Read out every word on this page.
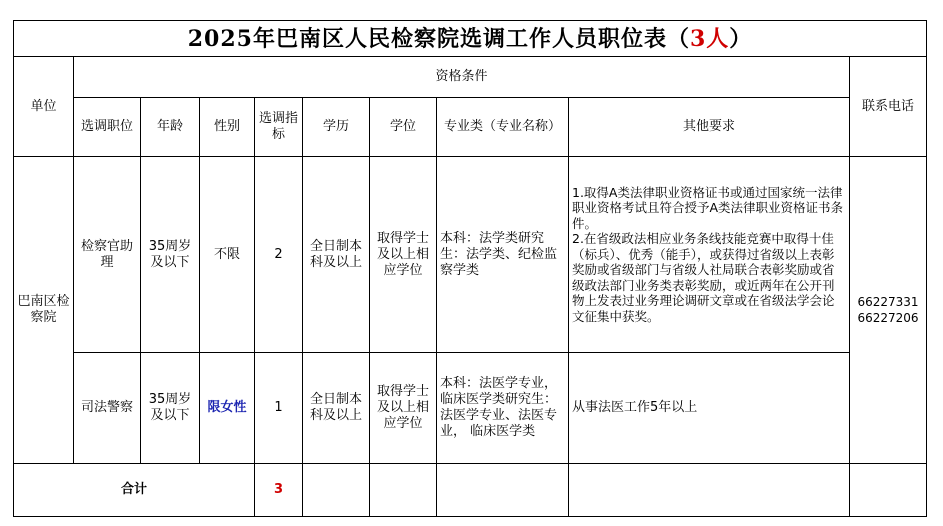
2025年巴南区人民检察院选调工作人员职位表（3人）									
单位	资格条件								联系电话
	选调职位	年龄	性别	选调指标	学历	学位	专业类（专业名称）	其他要求	
巴南区检察院	检察官助理	35周岁及以下	不限	2	全日制本科及以上	取得学士及以上相应学位	本科：法学类研究生：法学类、纪检监察学类	1.取得A类法律职业资格证书或通过国家统一法律职业资格考试且符合授予A类法律职业资格证书条件。
2.在省级政法相应业务条线技能竞赛中取得十佳（标兵）、优秀（能手），或获得过省级以上表彰奖励或省级部门与省级人社局联合表彰奖励或省级政法部门业务类表彰奖励，或近两年在公开刊物上发表过业务理论调研文章或在省级法学会论文征集中获奖。	66227331 66227206
	司法警察	35周岁及以下	限女性	1	全日制本科及以上	取得学士及以上相应学位	本科：法医学专业，临床医学类研究生：法医学专业、法医专业， 临床医学类	从事法医工作5年以上	
合计				3					
